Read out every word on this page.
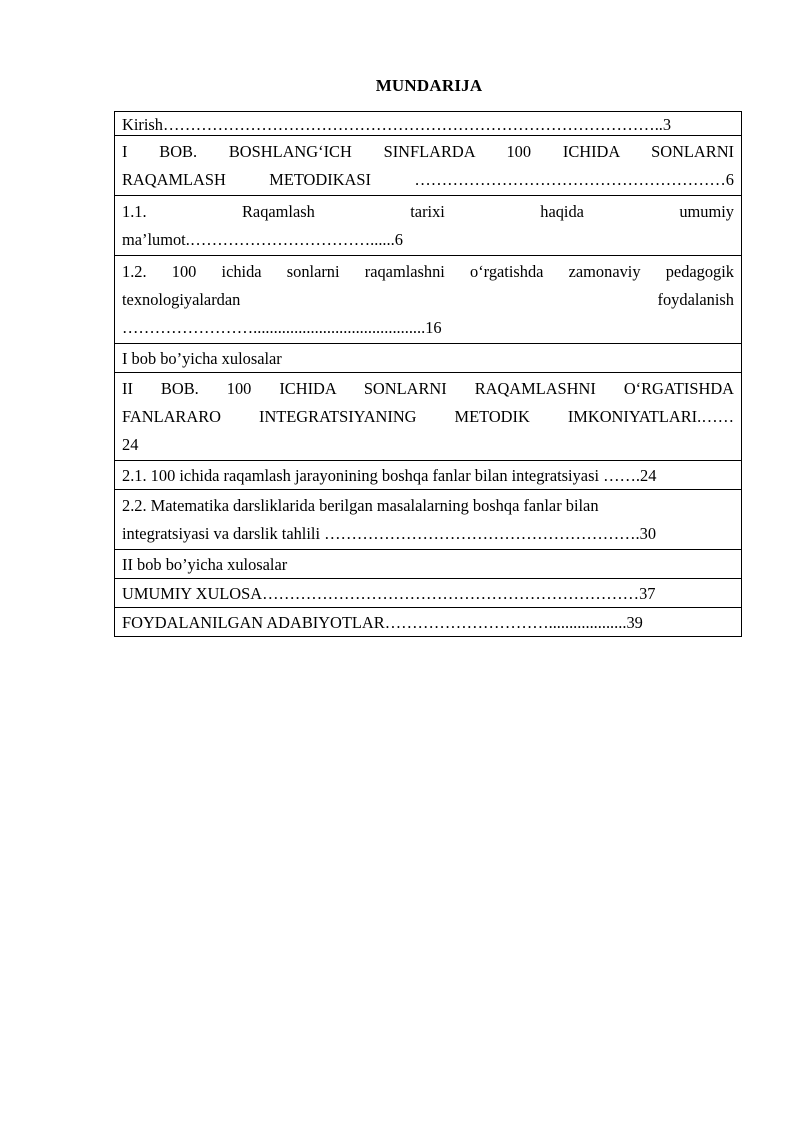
MUNDARIJA
Kirish………………………………………………………………………………..3

I BOB. BOSHLANG‘ICH SINFLARDA 100 ICHIDA SONLARNI
RAQAMLASH METODIKASI …………………………………………………6

1.1. Raqamlash tarixi haqida umumiy
ma’lumot.……………………………......6

1.2. 100 ichida sonlarni raqamlashni o‘rgatishda zamonaviy pedagogik
texnologiyalardan foydalanish
……………………..........................................16

I bob bo’yicha xulosalar

II BOB. 100 ICHIDA SONLARNI RAQAMLASHNI O‘RGATISHDA
FANLARARO INTEGRATSIYANING METODIK IMKONIYATLARI.……
24

2.1. 100 ichida raqamlash jarayonining boshqa fanlar bilan integratsiyasi …….24

2.2. Matematika darsliklarida berilgan masalalarning boshqa fanlar bilan
integratsiyasi va darslik tahlili ………………………………………………….30

II bob bo’yicha xulosalar

UMUMIY XULOSA……………………………………………………………37

FOYDALANILGAN ADABIYOTLAR…………………………...................39
